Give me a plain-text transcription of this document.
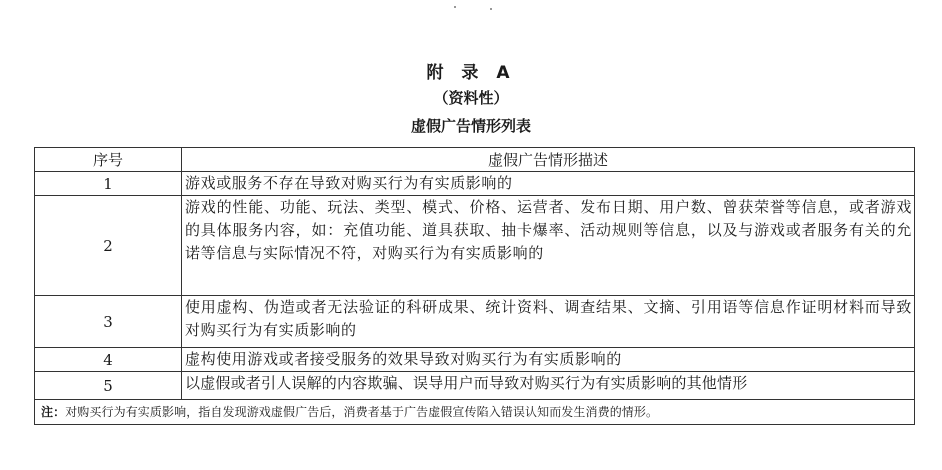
附 录 A
（资料性）
虚假广告情形列表
序号	虚假广告情形描述
1	游戏或服务不存在导致对购买行为有实质影响的
2	游戏的性能、功能、玩法、类型、模式、价格、运营者、发布日期、用户数、曾获荣誉等信息，或者游戏的具体服务内容，如：充值功能、道具获取、抽卡爆率、活动规则等信息，以及与游戏或者服务有关的允诺等信息与实际情况不符，对购买行为有实质影响的
3	使用虚构、伪造或者无法验证的科研成果、统计资料、调查结果、文摘、引用语等信息作证明材料而导致对购买行为有实质影响的
4	虚构使用游戏或者接受服务的效果导致对购买行为有实质影响的
5	以虚假或者引人误解的内容欺骗、误导用户而导致对购买行为有实质影响的其他情形
注：对购买行为有实质影响，指自发现游戏虚假广告后，消费者基于广告虚假宣传陷入错误认知而发生消费的情形。	
